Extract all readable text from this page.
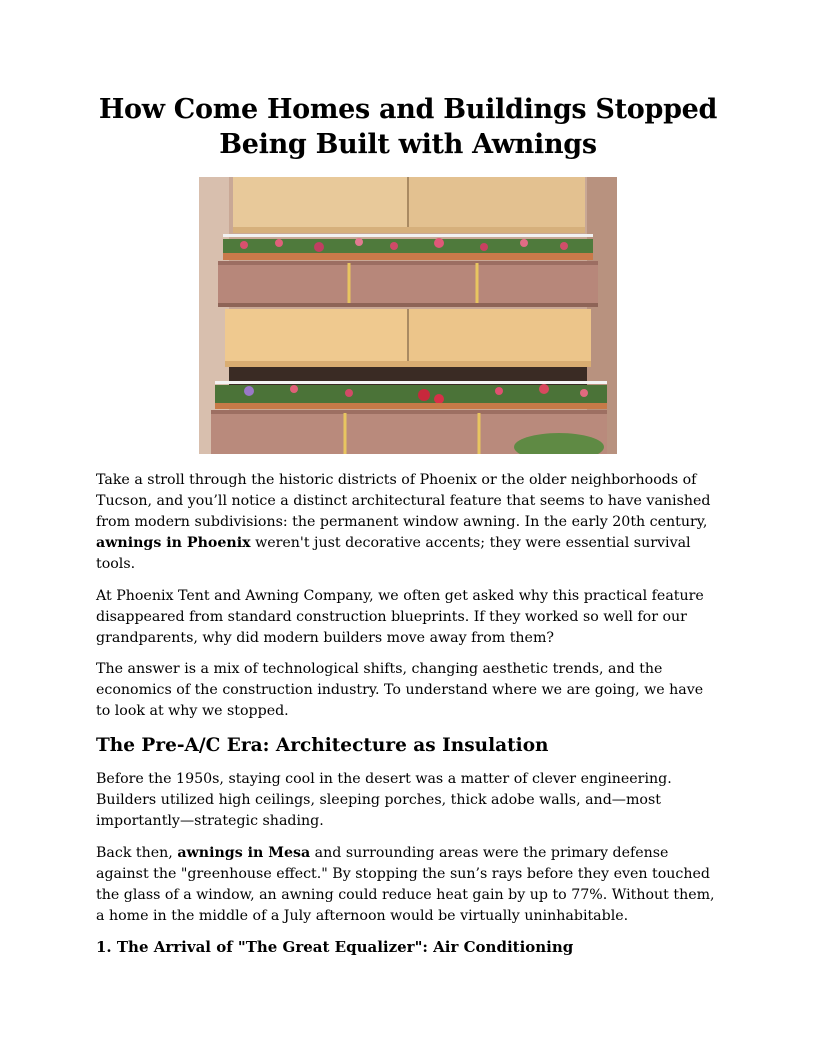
How Come Homes and Buildings Stopped Being Built with Awnings

Take a stroll through the historic districts of Phoenix or the older neighborhoods of Tucson, and you’ll notice a distinct architectural feature that seems to have vanished from modern subdivisions: the permanent window awning. In the early 20th century, awnings in Phoenix weren't just decorative accents; they were essential survival tools.

At Phoenix Tent and Awning Company, we often get asked why this practical feature disappeared from standard construction blueprints. If they worked so well for our grandparents, why did modern builders move away from them?

The answer is a mix of technological shifts, changing aesthetic trends, and the economics of the construction industry. To understand where we are going, we have to look at why we stopped.

The Pre-A/C Era: Architecture as Insulation

Before the 1950s, staying cool in the desert was a matter of clever engineering. Builders utilized high ceilings, sleeping porches, thick adobe walls, and—most importantly—strategic shading.

Back then, awnings in Mesa and surrounding areas were the primary defense against the "greenhouse effect." By stopping the sun’s rays before they even touched the glass of a window, an awning could reduce heat gain by up to 77%. Without them, a home in the middle of a July afternoon would be virtually uninhabitable.

1. The Arrival of "The Great Equalizer": Air Conditioning
